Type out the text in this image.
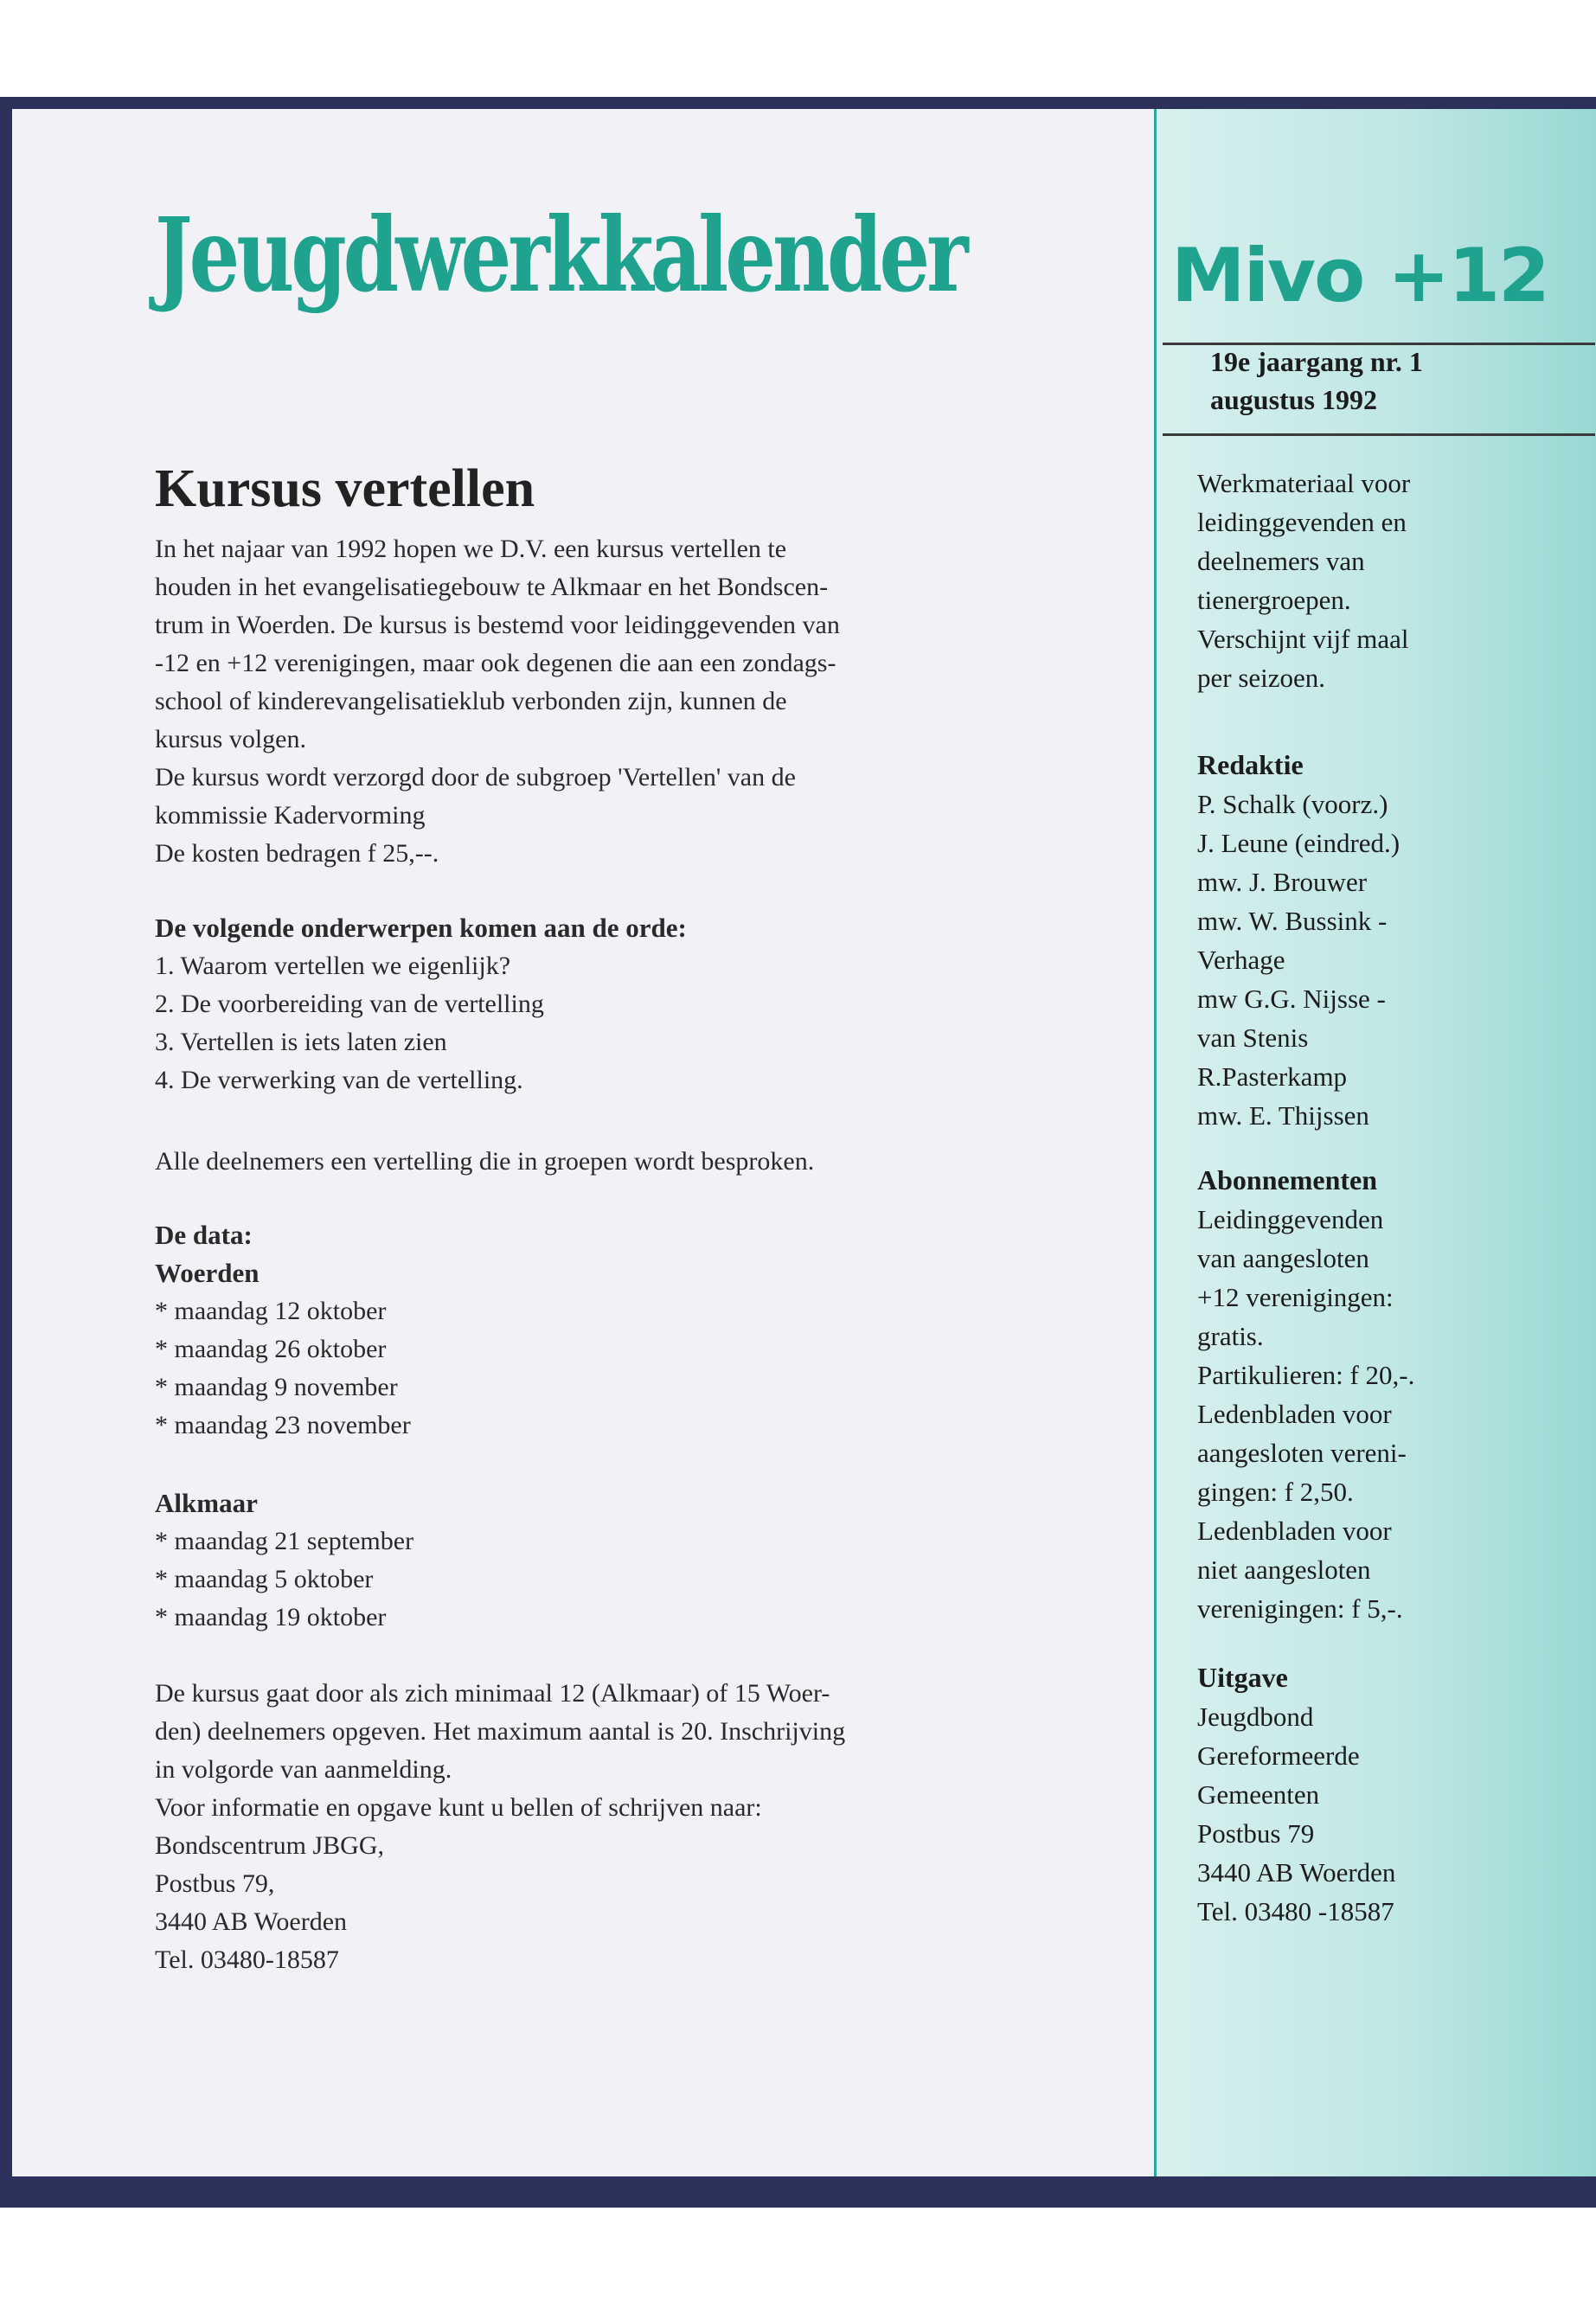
Jeugdwerkkalender
Kursus vertellen
In het najaar van 1992 hopen we D.V. een kursus vertellen te
houden in het evangelisatiegebouw te Alkmaar en het Bondscen-
trum in Woerden. De kursus is bestemd voor leidinggevenden van
-12 en +12 verenigingen, maar ook degenen die aan een zondags-
school of kinderevangelisatieklub verbonden zijn, kunnen de
kursus volgen.
De kursus wordt verzorgd door de subgroep 'Vertellen' van de
kommissie Kadervorming
De kosten bedragen f 25,--.
De volgende onderwerpen komen aan de orde:
1. Waarom vertellen we eigenlijk?
2. De voorbereiding van de vertelling
3. Vertellen is iets laten zien
4. De verwerking van de vertelling.
Alle deelnemers een vertelling die in groepen wordt besproken.
De data:
Woerden
* maandag 12 oktober
* maandag 26 oktober
* maandag 9 november
* maandag 23 november
Alkmaar
* maandag 21 september
* maandag 5 oktober
* maandag 19 oktober
De kursus gaat door als zich minimaal 12 (Alkmaar) of 15 Woer-
den) deelnemers opgeven. Het maximum aantal is 20. Inschrijving
in volgorde van aanmelding.
Voor informatie en opgave kunt u bellen of schrijven naar:
Bondscentrum JBGG,
Postbus 79,
3440 AB Woerden
Tel. 03480-18587
Mivo +12
19e jaargang nr. 1
augustus 1992
Werkmateriaal voor
leidinggevenden en
deelnemers van
tienergroepen.
Verschijnt vijf maal
per seizoen.
Redaktie
P. Schalk (voorz.)
J. Leune (eindred.)
mw. J. Brouwer
mw. W. Bussink -
Verhage
mw G.G. Nijsse -
van Stenis
R.Pasterkamp
mw. E. Thijssen
Abonnementen
Leidinggevenden
van aangesloten
+12 verenigingen:
gratis.
Partikulieren: f 20,-.
Ledenbladen voor
aangesloten vereni-
gingen: f 2,50.
Ledenbladen voor
niet aangesloten
verenigingen: f 5,-.
Uitgave
Jeugdbond
Gereformeerde
Gemeenten
Postbus 79
3440 AB Woerden
Tel. 03480 -18587
